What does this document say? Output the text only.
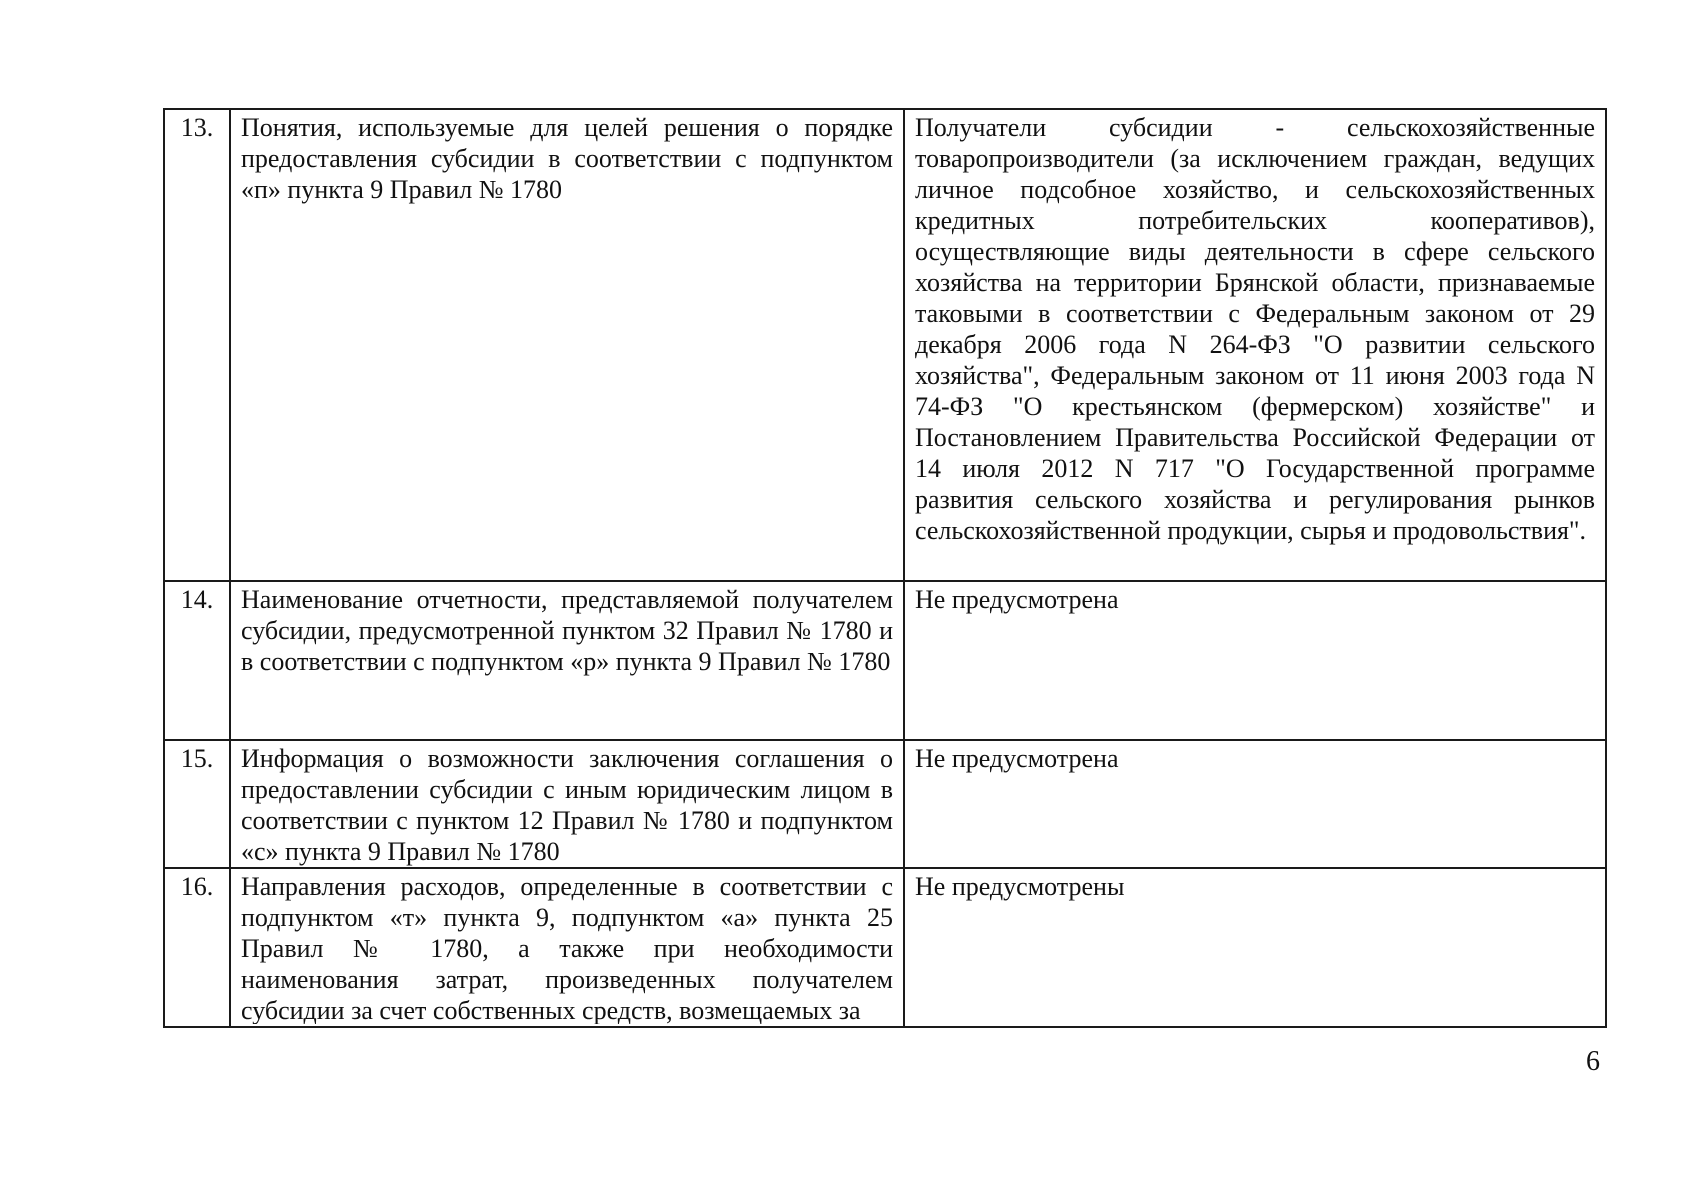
13.	Понятия, используемые для целей решения о порядке предоставления субсидии в соответствии с подпунктом «п» пункта 9 Правил № 1780	Получатели субсидии - сельскохозяйственные товаропроизводители (за исключением граждан, ведущих личное подсобное хозяйство, и сельскохозяйственных кредитных потребительских кооперативов), осуществляющие виды деятельности в сфере сельского хозяйства на территории Брянской области, признаваемые таковыми в соответствии с Федеральным законом от 29 декабря 2006 года N 264-ФЗ "О развитии сельского хозяйства", Федеральным законом от 11 июня 2003 года N 74-ФЗ "О крестьянском (фермерском) хозяйстве" и Постановлением Правительства Российской Федерации от 14 июля 2012 N 717 "О Государственной программе развития сельского хозяйства и регулирования рынков сельскохозяйственной продукции, сырья и продовольствия".
14.	Наименование отчетности, представляемой получателем субсидии, предусмотренной пунктом 32 Правил № 1780 и в соответствии с подпунктом «р» пункта 9 Правил № 1780	Не предусмотрена
15.	Информация о возможности заключения соглашения о предоставлении субсидии с иным юридическим лицом в соответствии с пунктом 12 Правил № 1780 и подпунктом «с» пункта 9 Правил № 1780	Не предусмотрена
16.	Направления расходов, определенные в соответствии с подпунктом «т» пункта 9, подпунктом «а» пункта 25 Правил № 1780, а также при необходимости наименования затрат, произведенных получателем субсидии за счет собственных средств, возмещаемых за	Не предусмотрены
6
